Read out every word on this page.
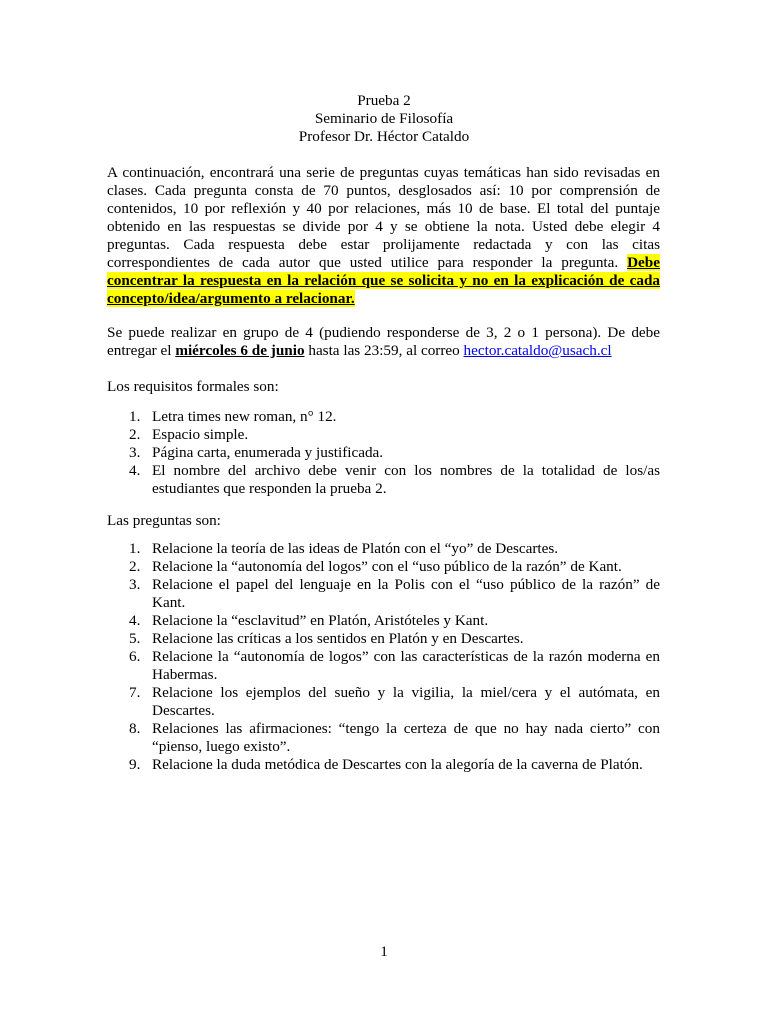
Prueba 2
Seminario de Filosofía
Profesor Dr. Héctor Cataldo
A continuación, encontrará una serie de preguntas cuyas temáticas han sido revisadas en clases. Cada pregunta consta de 70 puntos, desglosados así: 10 por comprensión de contenidos, 10 por reflexión y 40 por relaciones, más 10 de base. El total del puntaje obtenido en las respuestas se divide por 4 y se obtiene la nota. Usted debe elegir 4 preguntas. Cada respuesta debe estar prolijamente redactada y con las citas correspondientes de cada autor que usted utilice para responder la pregunta. Debe concentrar la respuesta en la relación que se solicita y no en la explicación de cada concepto/idea/argumento a relacionar.
Se puede realizar en grupo de 4 (pudiendo responderse de 3, 2 o 1 persona). De debe entregar el miércoles 6 de junio hasta las 23:59, al correo hector.cataldo@usach.cl
Los requisitos formales son:
1. Letra times new roman, n° 12.
2. Espacio simple.
3. Página carta, enumerada y justificada.
4. El nombre del archivo debe venir con los nombres de la totalidad de los/as estudiantes que responden la prueba 2.
Las preguntas son:
1. Relacione la teoría de las ideas de Platón con el “yo” de Descartes.
2. Relacione la “autonomía del logos” con el “uso público de la razón” de Kant.
3. Relacione el papel del lenguaje en la Polis con el “uso público de la razón” de Kant.
4. Relacione la “esclavitud” en Platón, Aristóteles y Kant.
5. Relacione las críticas a los sentidos en Platón y en Descartes.
6. Relacione la “autonomía de logos” con las características de la razón moderna en Habermas.
7. Relacione los ejemplos del sueño y la vigilia, la miel/cera y el autómata, en Descartes.
8. Relaciones las afirmaciones: “tengo la certeza de que no hay nada cierto” con “pienso, luego existo”.
9. Relacione la duda metódica de Descartes con la alegoría de la caverna de Platón.
1
